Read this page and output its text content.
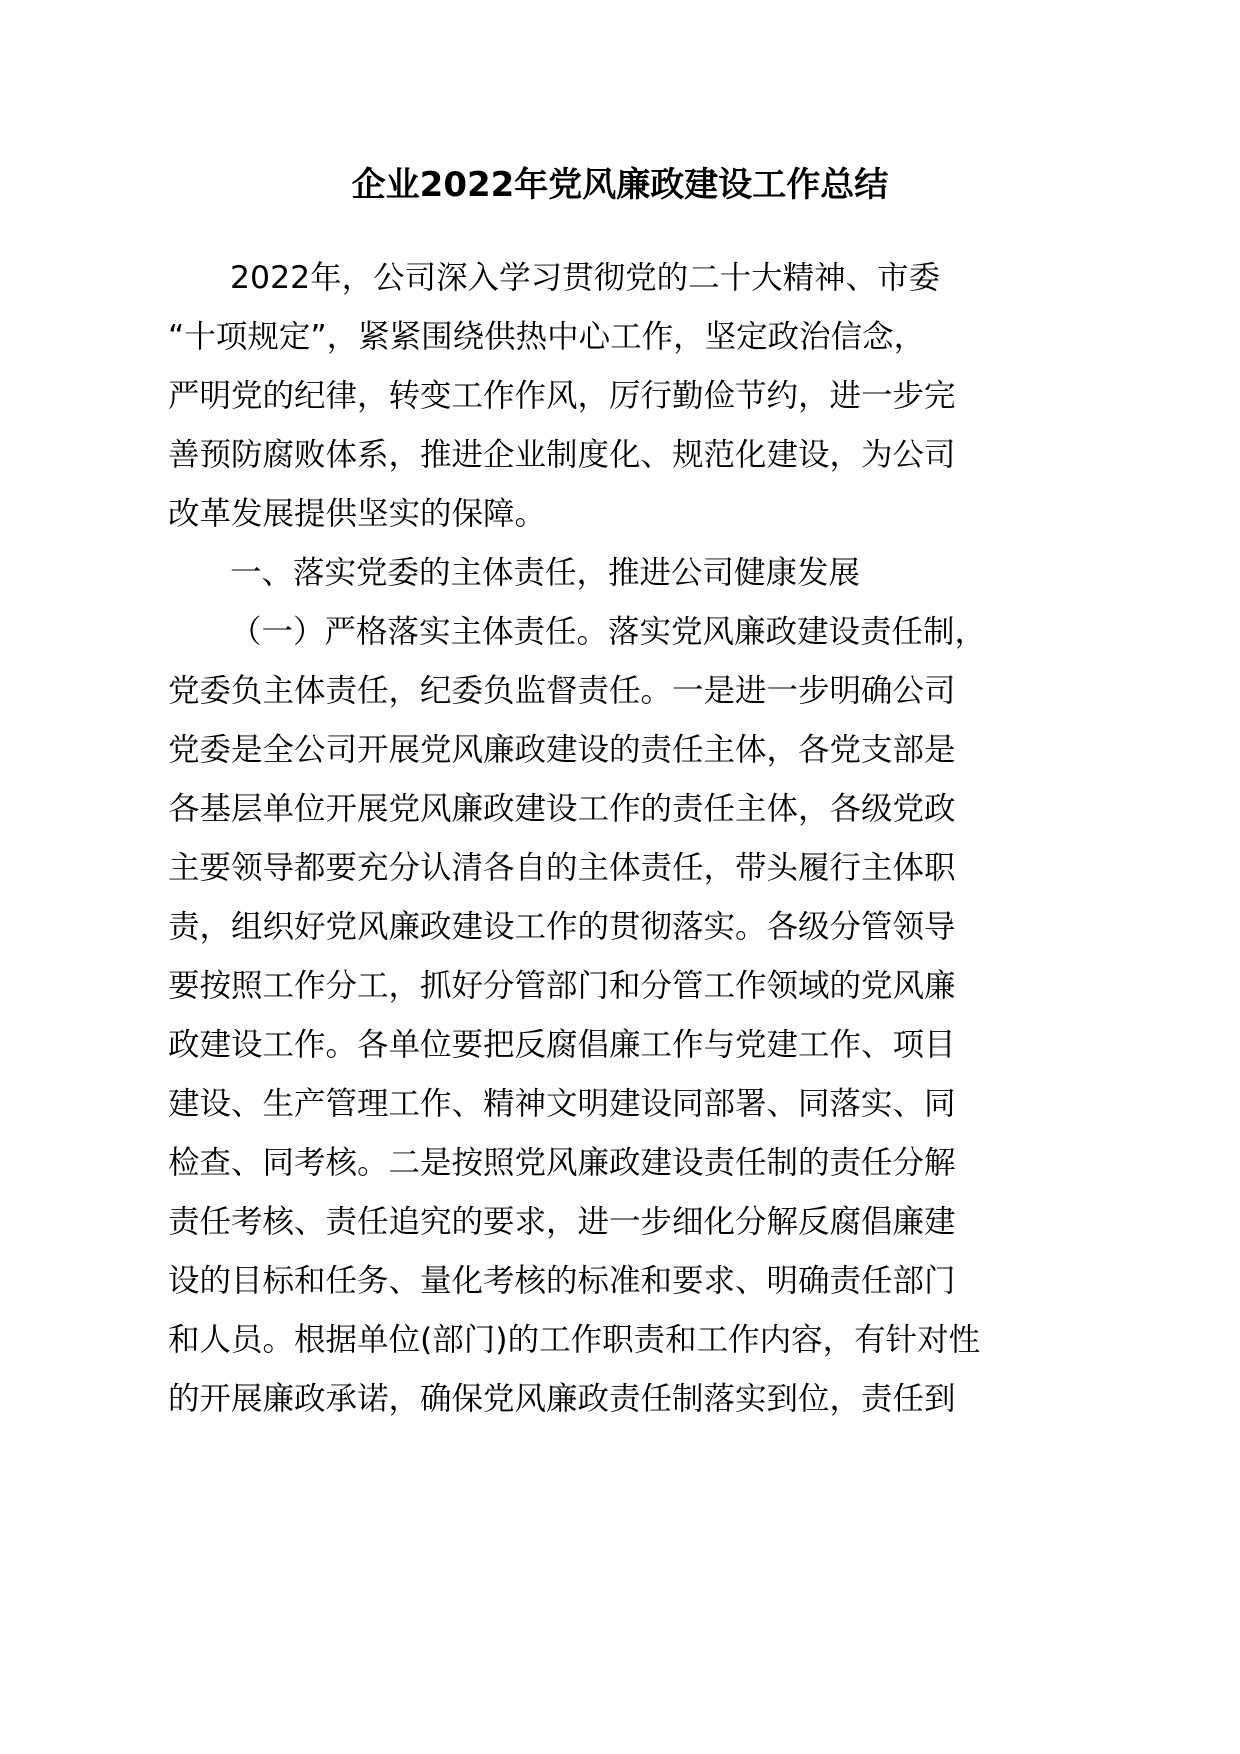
企业2022年党风廉政建设工作总结
2022年，公司深入学习贯彻党的二十大精神、市委
“十项规定”，紧紧围绕供热中心工作，坚定政治信念，
严明党的纪律，转变工作作风，厉行勤俭节约，进一步完
善预防腐败体系，推进企业制度化、规范化建设，为公司
改革发展提供坚实的保障。
一、落实党委的主体责任，推进公司健康发展
（一）严格落实主体责任。落实党风廉政建设责任制，
党委负主体责任，纪委负监督责任。一是进一步明确公司
党委是全公司开展党风廉政建设的责任主体，各党支部是
各基层单位开展党风廉政建设工作的责任主体，各级党政
主要领导都要充分认清各自的主体责任，带头履行主体职
责，组织好党风廉政建设工作的贯彻落实。各级分管领导
要按照工作分工，抓好分管部门和分管工作领域的党风廉
政建设工作。各单位要把反腐倡廉工作与党建工作、项目
建设、生产管理工作、精神文明建设同部署、同落实、同
检查、同考核。二是按照党风廉政建设责任制的责任分解
责任考核、责任追究的要求，进一步细化分解反腐倡廉建
设的目标和任务、量化考核的标准和要求、明确责任部门
和人员。根据单位(部门)的工作职责和工作内容，有针对性
的开展廉政承诺，确保党风廉政责任制落实到位，责任到
